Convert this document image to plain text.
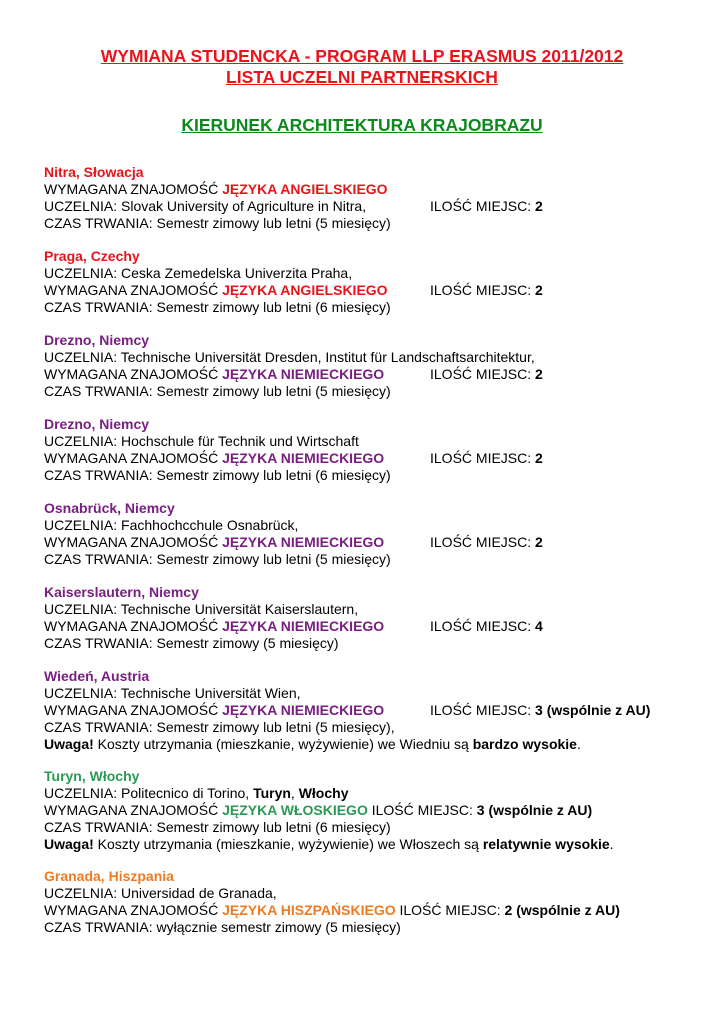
WYMIANA STUDENCKA - PROGRAM LLP ERASMUS 2011/2012
LISTA UCZELNI PARTNERSKICH
KIERUNEK ARCHITEKTURA KRAJOBRAZU
Nitra, Słowacja
WYMAGANA ZNAJOMOŚĆ JĘZYKA ANGIELSKIEGO
UCZELNIA: Slovak University of Agriculture in Nitra,	ILOŚĆ MIEJSC: 2
CZAS TRWANIA: Semestr zimowy lub letni (5 miesięcy)
Praga, Czechy
UCZELNIA: Ceska Zemedelska Univerzita Praha,
WYMAGANA ZNAJOMOŚĆ JĘZYKA ANGIELSKIEGO	ILOŚĆ MIEJSC: 2
CZAS TRWANIA: Semestr zimowy lub letni (6 miesięcy)
Drezno, Niemcy
UCZELNIA: Technische Universität Dresden, Institut für Landschaftsarchitektur,
WYMAGANA ZNAJOMOŚĆ JĘZYKA NIEMIECKIEGO	ILOŚĆ MIEJSC: 2
CZAS TRWANIA: Semestr zimowy lub letni (5 miesięcy)
Drezno, Niemcy
UCZELNIA: Hochschule für Technik und Wirtschaft
WYMAGANA ZNAJOMOŚĆ JĘZYKA NIEMIECKIEGO	ILOŚĆ MIEJSC: 2
CZAS TRWANIA: Semestr zimowy lub letni (6 miesięcy)
Osnabrück, Niemcy
UCZELNIA: Fachhochcchule Osnabrück,
WYMAGANA ZNAJOMOŚĆ JĘZYKA NIEMIECKIEGO	ILOŚĆ MIEJSC: 2
CZAS TRWANIA: Semestr zimowy lub letni (5 miesięcy)
Kaiserslautern, Niemcy
UCZELNIA: Technische Universität Kaiserslautern,
WYMAGANA ZNAJOMOŚĆ JĘZYKA NIEMIECKIEGO	ILOŚĆ MIEJSC: 4
CZAS TRWANIA: Semestr zimowy (5 miesięcy)
Wiedeń, Austria
UCZELNIA: Technische Universität Wien,
WYMAGANA ZNAJOMOŚĆ JĘZYKA NIEMIECKIEGO	ILOŚĆ MIEJSC: 3 (wspólnie z AU)
CZAS TRWANIA: Semestr zimowy lub letni (5 miesięcy),
Uwaga! Koszty utrzymania (mieszkanie, wyżywienie) we Wiedniu są bardzo wysokie.
Turyn, Włochy
UCZELNIA: Politecnico di Torino, Turyn, Włochy
WYMAGANA ZNAJOMOŚĆ JĘZYKA WŁOSKIEGO ILOŚĆ MIEJSC: 3 (wspólnie z AU)
CZAS TRWANIA: Semestr zimowy lub letni (6 miesięcy)
Uwaga! Koszty utrzymania (mieszkanie, wyżywienie) we Włoszech są relatywnie wysokie.
Granada, Hiszpania
UCZELNIA: Universidad de Granada,
WYMAGANA ZNAJOMOŚĆ JĘZYKA HISZPAŃSKIEGO ILOŚĆ MIEJSC: 2 (wspólnie z AU)
CZAS TRWANIA: wyłącznie semestr zimowy (5 miesięcy)
